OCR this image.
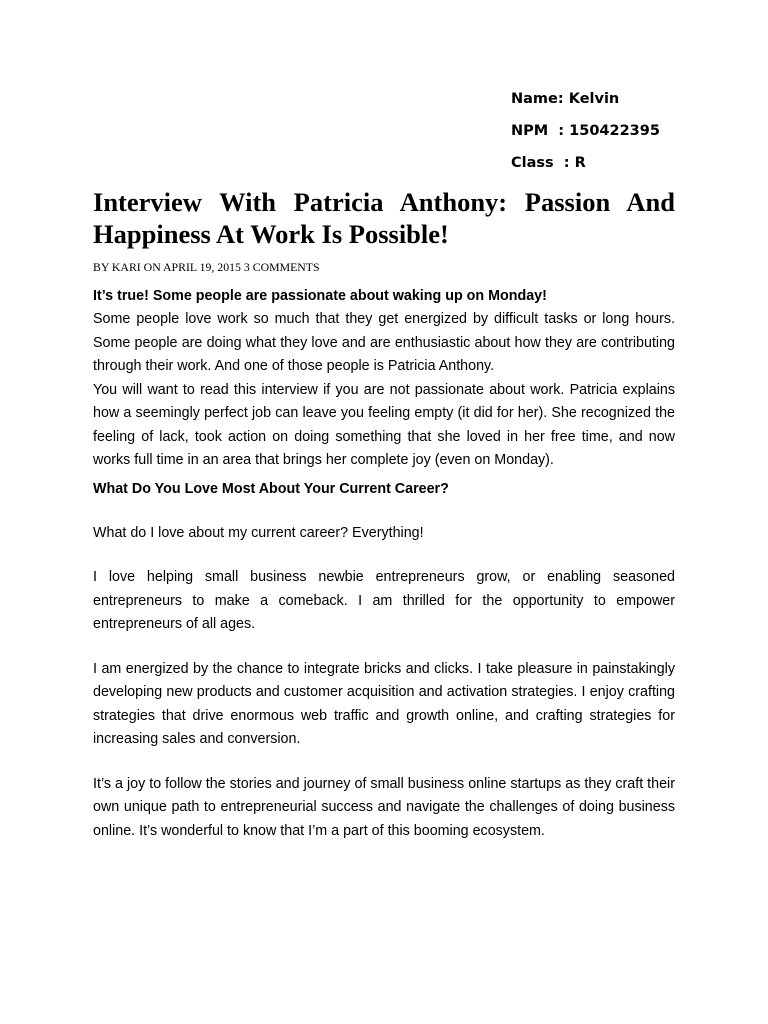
Name: Kelvin
NPM  : 150422395
Class  : R
Interview With Patricia Anthony: Passion And Happiness At Work Is Possible!
BY KARI ON APRIL 19, 2015 3 COMMENTS
It’s true! Some people are passionate about waking up on Monday!

Some people love work so much that they get energized by difficult tasks or long hours. Some people are doing what they love and are enthusiastic about how they are contributing through their work. And one of those people is Patricia Anthony.

You will want to read this interview if you are not passionate about work. Patricia explains how a seemingly perfect job can leave you feeling empty (it did for her). She recognized the feeling of lack, took action on doing something that she loved in her free time, and now works full time in an area that brings her complete joy (even on Monday).

What Do You Love Most About Your Current Career?

What do I love about my current career? Everything!

I love helping small business newbie entrepreneurs grow, or enabling seasoned entrepreneurs to make a comeback. I am thrilled for the opportunity to empower entrepreneurs of all ages.

I am energized by the chance to integrate bricks and clicks. I take pleasure in painstakingly developing new products and customer acquisition and activation strategies. I enjoy crafting strategies that drive enormous web traffic and growth online, and crafting strategies for increasing sales and conversion.

It’s a joy to follow the stories and journey of small business online startups as they craft their own unique path to entrepreneurial success and navigate the challenges of doing business online. It’s wonderful to know that I’m a part of this booming ecosystem.
